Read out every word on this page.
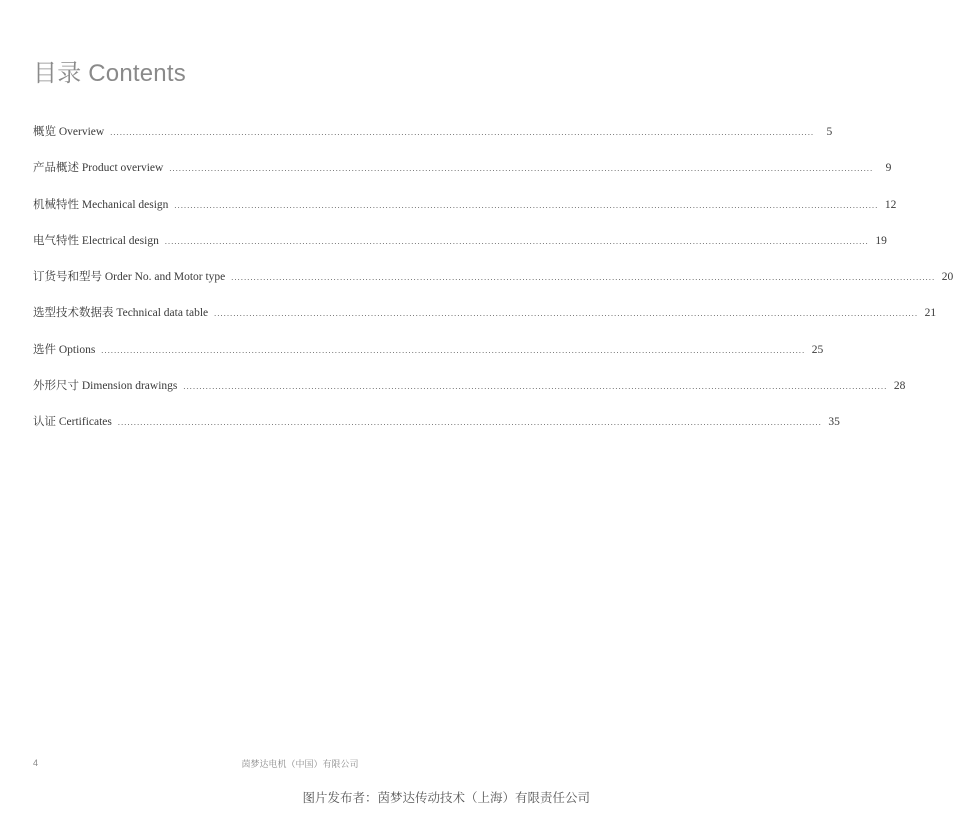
目录 Contents
概览 Overview ............................................................................................................................................................................................................................	5
产品概述 Product overview ............................................................................................................................................................................................................................	9
机械特性 Mechanical design ............................................................................................................................................................................................................................ 12
电气特性 Electrical design ............................................................................................................................................................................................................................ 19
订货号和型号 Order No. and Motor type ............................................................................................................................................................................................................................ 20
选型技术数据表 Technical data table ............................................................................................................................................................................................................................ 21
选件 Options ............................................................................................................................................................................................................................ 25
外形尺寸 Dimension drawings ............................................................................................................................................................................................................................ 28
认证 Certificates ............................................................................................................................................................................................................................ 35
4	茵梦达电机（中国）有限公司
图片发布者：茵梦达传动技术（上海）有限责任公司
